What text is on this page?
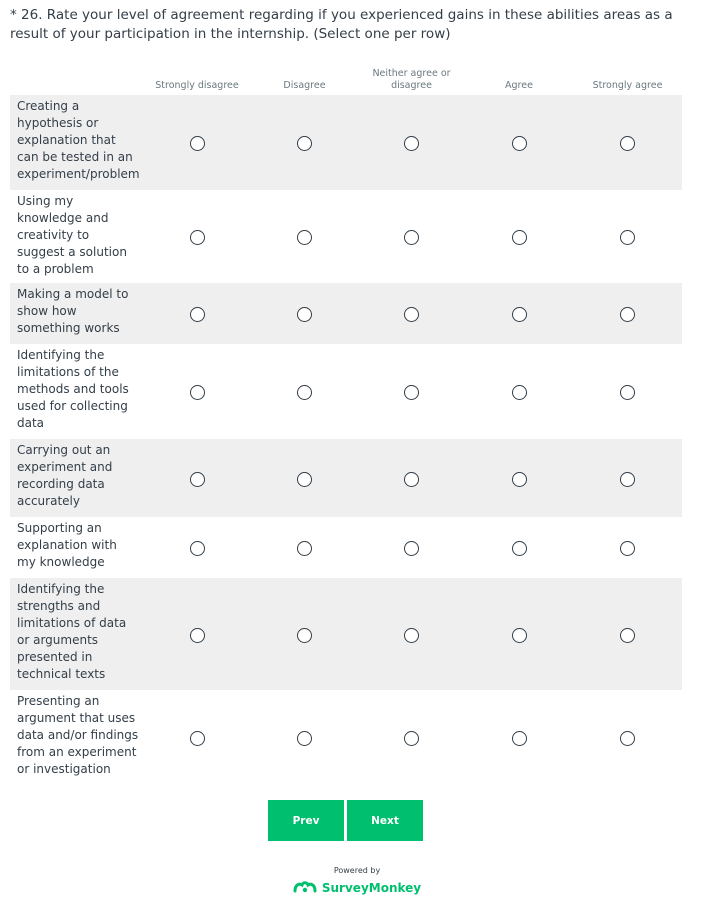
* 26. Rate your level of agreement regarding if you experienced gains in these abilities areas as a result of your participation in the internship. (Select one per row)
	Strongly disagree	Disagree	Neither agree or disagree	Agree	Strongly agree
Creating a hypothesis or explanation that can be tested in an experiment/problem					
Using my knowledge and creativity to suggest a solution to a problem					
Making a model to show how something works					
Identifying the limitations of the methods and tools used for collecting data					
Carrying out an experiment and recording data accurately					
Supporting an explanation with my knowledge					
Identifying the strengths and limitations of data or arguments presented in technical texts					
Presenting an argument that uses data and/or findings from an experiment or investigation					
Prev	Next
Powered by
SurveyMonkey
